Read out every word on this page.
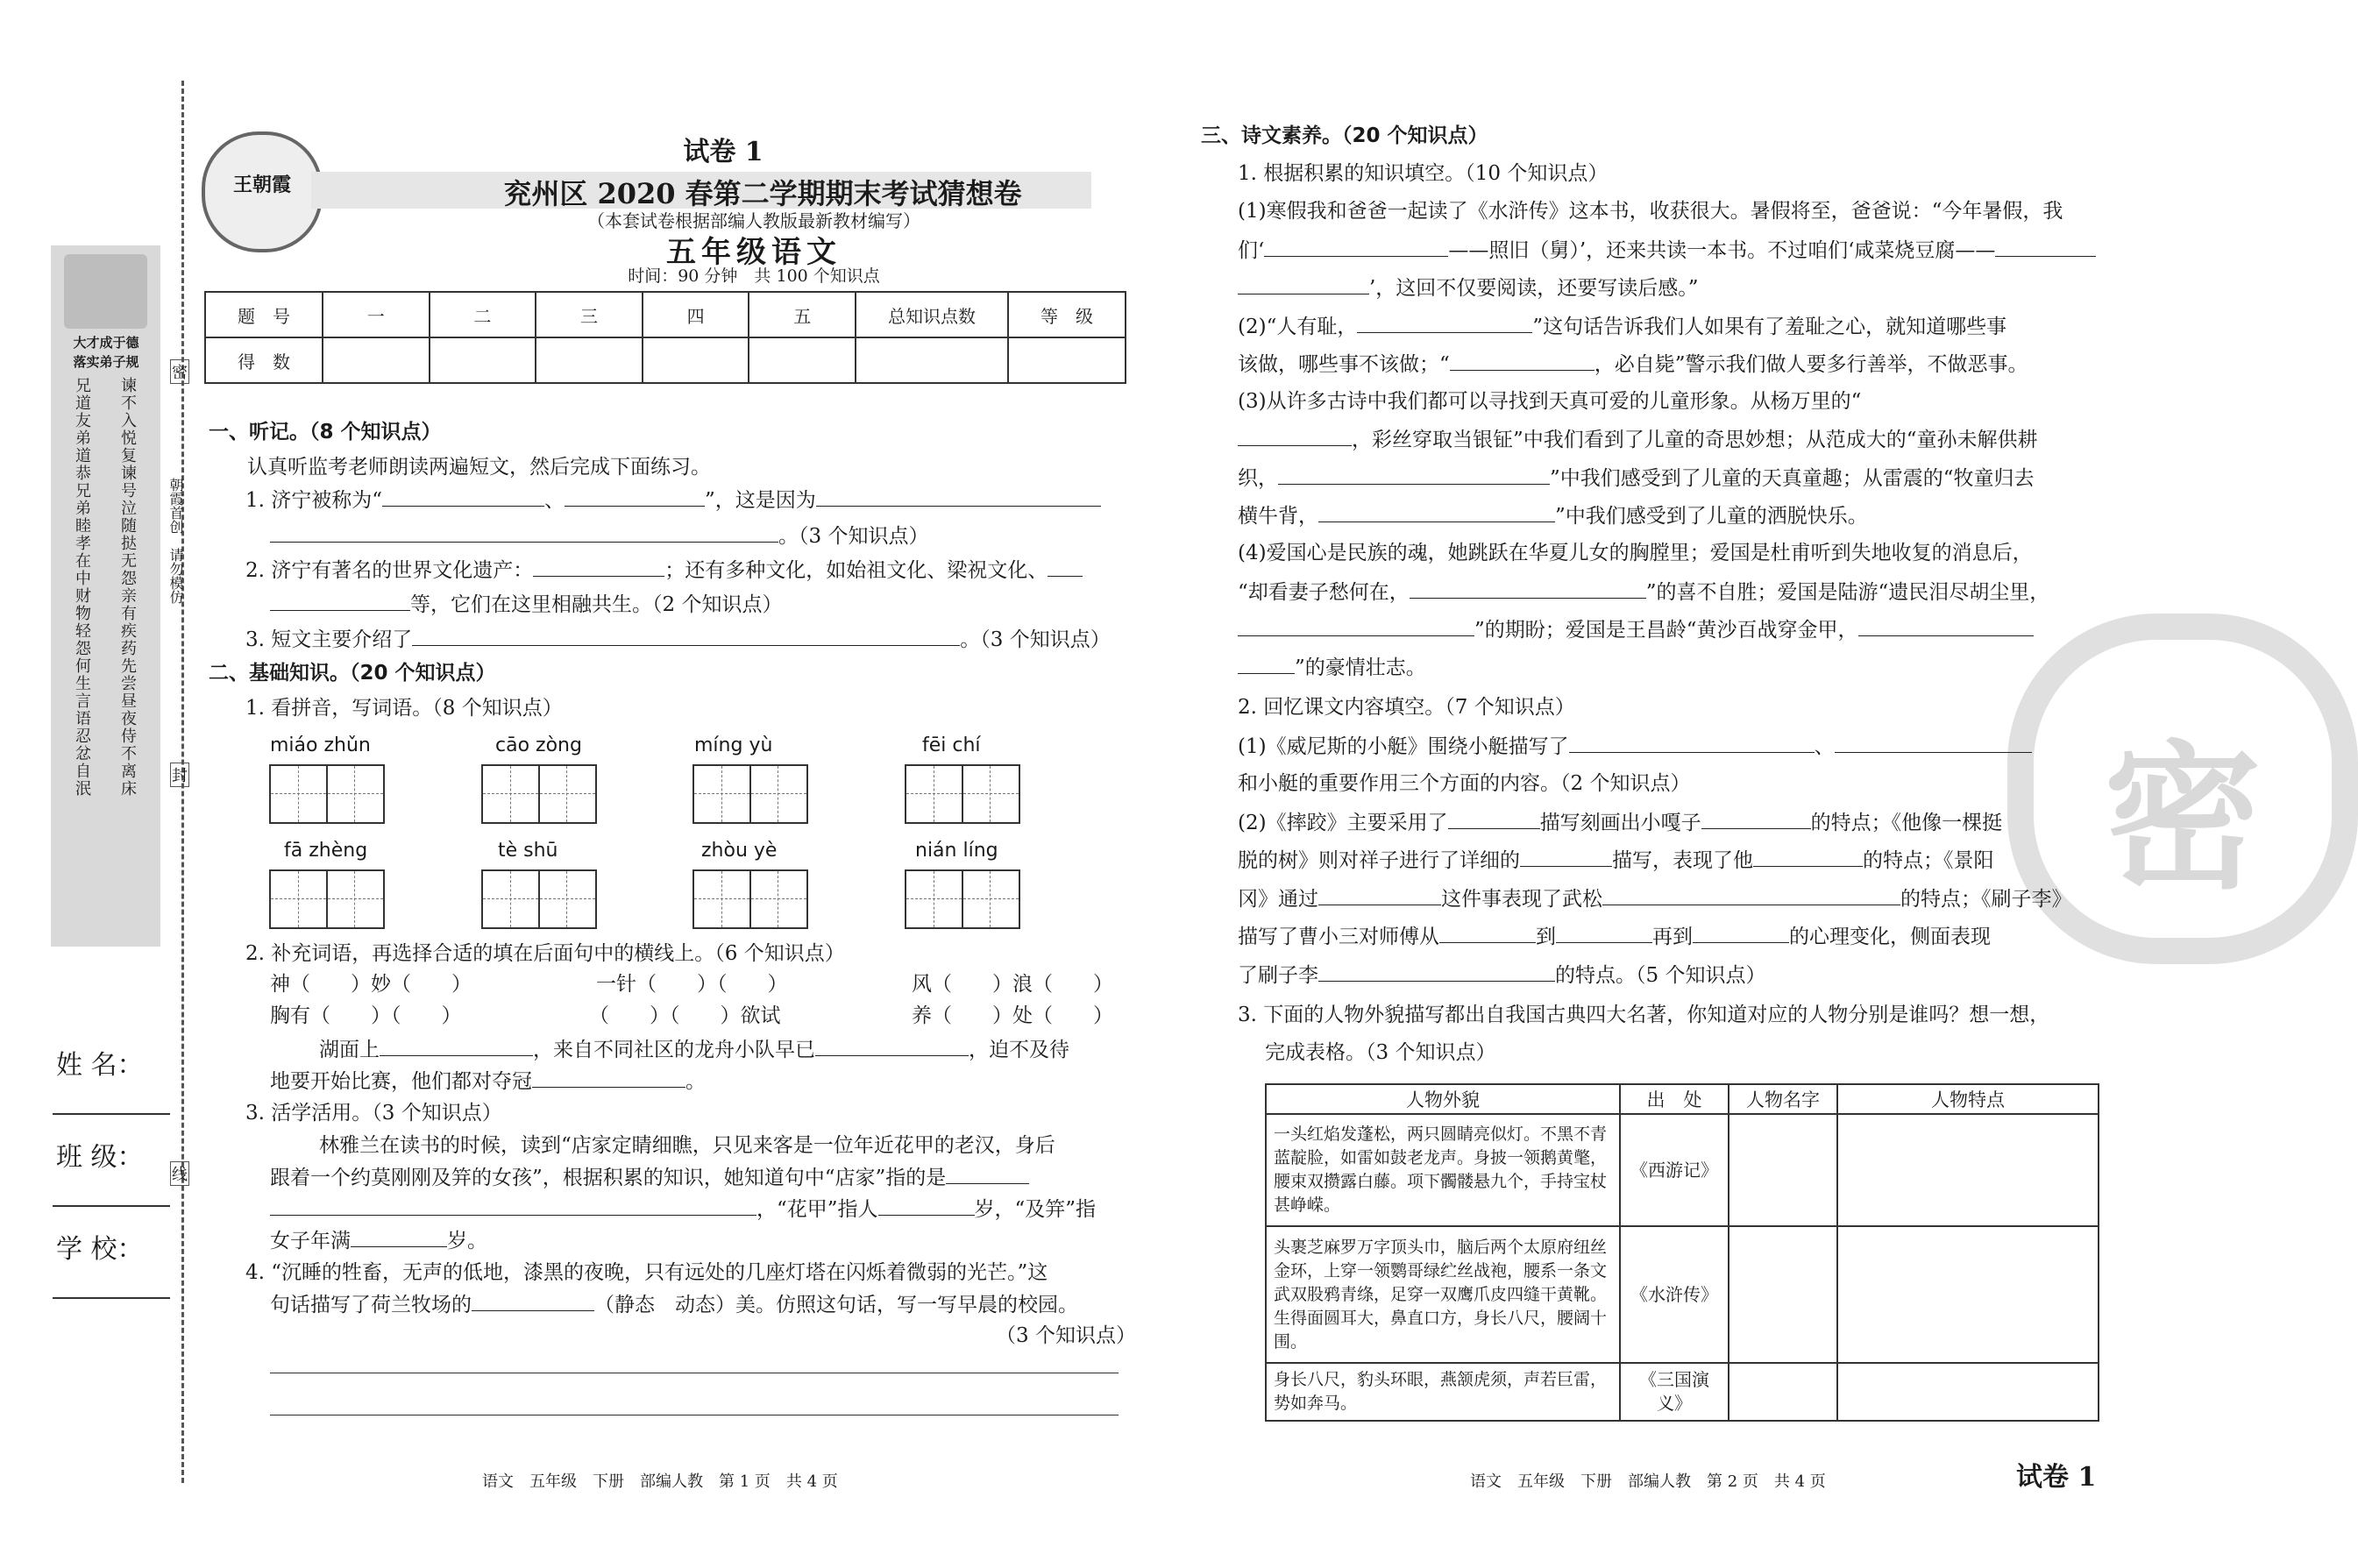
大才成于德
落实弟子规
兄道友弟道恭兄弟睦孝在中财物轻怨何生言语忍忿自泯 谏不入悦复谏号泣随挞无怨亲有疾药先尝昼夜侍不离床 朝霞首创　请勿模仿
密
封
线
姓 名：
班 级：
学 校：
王朝霞
试卷 1
兖州区 2020 春第二学期期末考试猜想卷
（本套试卷根据部编人教版最新教材编写）
五年级语文
时间：90 分钟　共 100 个知识点
题　号	一	二	三	四	五	总知识点数	等　级
得　数							
一、听记。（8 个知识点）
认真听监考老师朗读两遍短文，然后完成下面练习。
1. 济宁被称为“	、	”，这是因为
。（3 个知识点）
2. 济宁有著名的世界文化遗产：	；还有多种文化，如始祖文化、梁祝文化、
等，它们在这里相融共生。（2 个知识点）
3. 短文主要介绍了	。（3 个知识点）
二、基础知识。（20 个知识点）
1. 看拼音，写词语。（8 个知识点）
miáo zhǔn	cāo zòng	míng yù	fēi chí
fā zhèng	tè shū	zhòu yè	nián líng
2. 补充词语，再选择合适的填在后面句中的横线上。（6 个知识点）
神（　　）妙（　　）	一针（　　）（　　）	风（　　）浪（　　）
胸有（　　）（　　）	（　　）（　　）欲试	养（　　）处（　　）
湖面上	，来自不同社区的龙舟小队早已	，迫不及待
地要开始比赛，他们都对夺冠	。
3. 活学活用。（3 个知识点）
林雅兰在读书的时候，读到“店家定睛细瞧，只见来客是一位年近花甲的老汉，身后
跟着一个约莫刚刚及笄的女孩”，根据积累的知识，她知道句中“店家”指的是
，“花甲”指人	岁，“及笄”指
女子年满	岁。
4. “沉睡的牲畜，无声的低地，漆黑的夜晚，只有远处的几座灯塔在闪烁着微弱的光芒。”这
句话描写了荷兰牧场的	（静态　动态）美。仿照这句话，写一写早晨的校园。
（3 个知识点）
语文　五年级　下册　部编人教　第 1 页　共 4 页
密
三、诗文素养。（20 个知识点）
1. 根据积累的知识填空。（10 个知识点）
(1)寒假我和爸爸一起读了《水浒传》这本书，收获很大。暑假将至，爸爸说：“今年暑假，我
们‘	——照旧（舅）’，还来共读一本书。不过咱们‘咸菜烧豆腐——
’，这回不仅要阅读，还要写读后感。”
(2)“人有耻，	”这句话告诉我们人如果有了羞耻之心，就知道哪些事
该做，哪些事不该做；“	，必自毙”警示我们做人要多行善举，不做恶事。
(3)从许多古诗中我们都可以寻找到天真可爱的儿童形象。从杨万里的“
，彩丝穿取当银钲”中我们看到了儿童的奇思妙想；从范成大的“童孙未解供耕
织，	”中我们感受到了儿童的天真童趣；从雷震的“牧童归去
横牛背，	”中我们感受到了儿童的洒脱快乐。
(4)爱国心是民族的魂，她跳跃在华夏儿女的胸膛里；爱国是杜甫听到失地收复的消息后，
“却看妻子愁何在，	”的喜不自胜；爱国是陆游“遗民泪尽胡尘里，
”的期盼；爱国是王昌龄“黄沙百战穿金甲，
”的豪情壮志。
2. 回忆课文内容填空。（7 个知识点）
(1)《威尼斯的小艇》围绕小艇描写了	、
和小艇的重要作用三个方面的内容。（2 个知识点）
(2)《摔跤》主要采用了	描写刻画出小嘎子	的特点；《他像一棵挺
脱的树》则对祥子进行了详细的	描写，表现了他	的特点；《景阳
冈》通过	这件事表现了武松	的特点；《刷子李》
描写了曹小三对师傅从	到	再到	的心理变化，侧面表现
了刷子李	的特点。（5 个知识点）
3. 下面的人物外貌描写都出自我国古典四大名著，你知道对应的人物分别是谁吗？想一想，
完成表格。（3 个知识点）
人物外貌	出　处	人物名字	人物特点
一头红焰发蓬松，两只圆睛亮似灯。不黑不青蓝靛脸，如雷如鼓老龙声。身披一领鹅黄氅，腰束双攒露白藤。项下髑髅悬九个，手持宝杖甚峥嵘。	《西游记》		
头裹芝麻罗万字顶头巾，脑后两个太原府纽丝金环，上穿一领鹦哥绿纻丝战袍，腰系一条文武双股鸦青绦，足穿一双鹰爪皮四缝干黄靴。生得面圆耳大，鼻直口方，身长八尺，腰阔十围。	《水浒传》		
身长八尺，豹头环眼，燕颔虎须，声若巨雷，势如奔马。	《三国演义》		
语文　五年级　下册　部编人教　第 2 页　共 4 页	试卷 1
